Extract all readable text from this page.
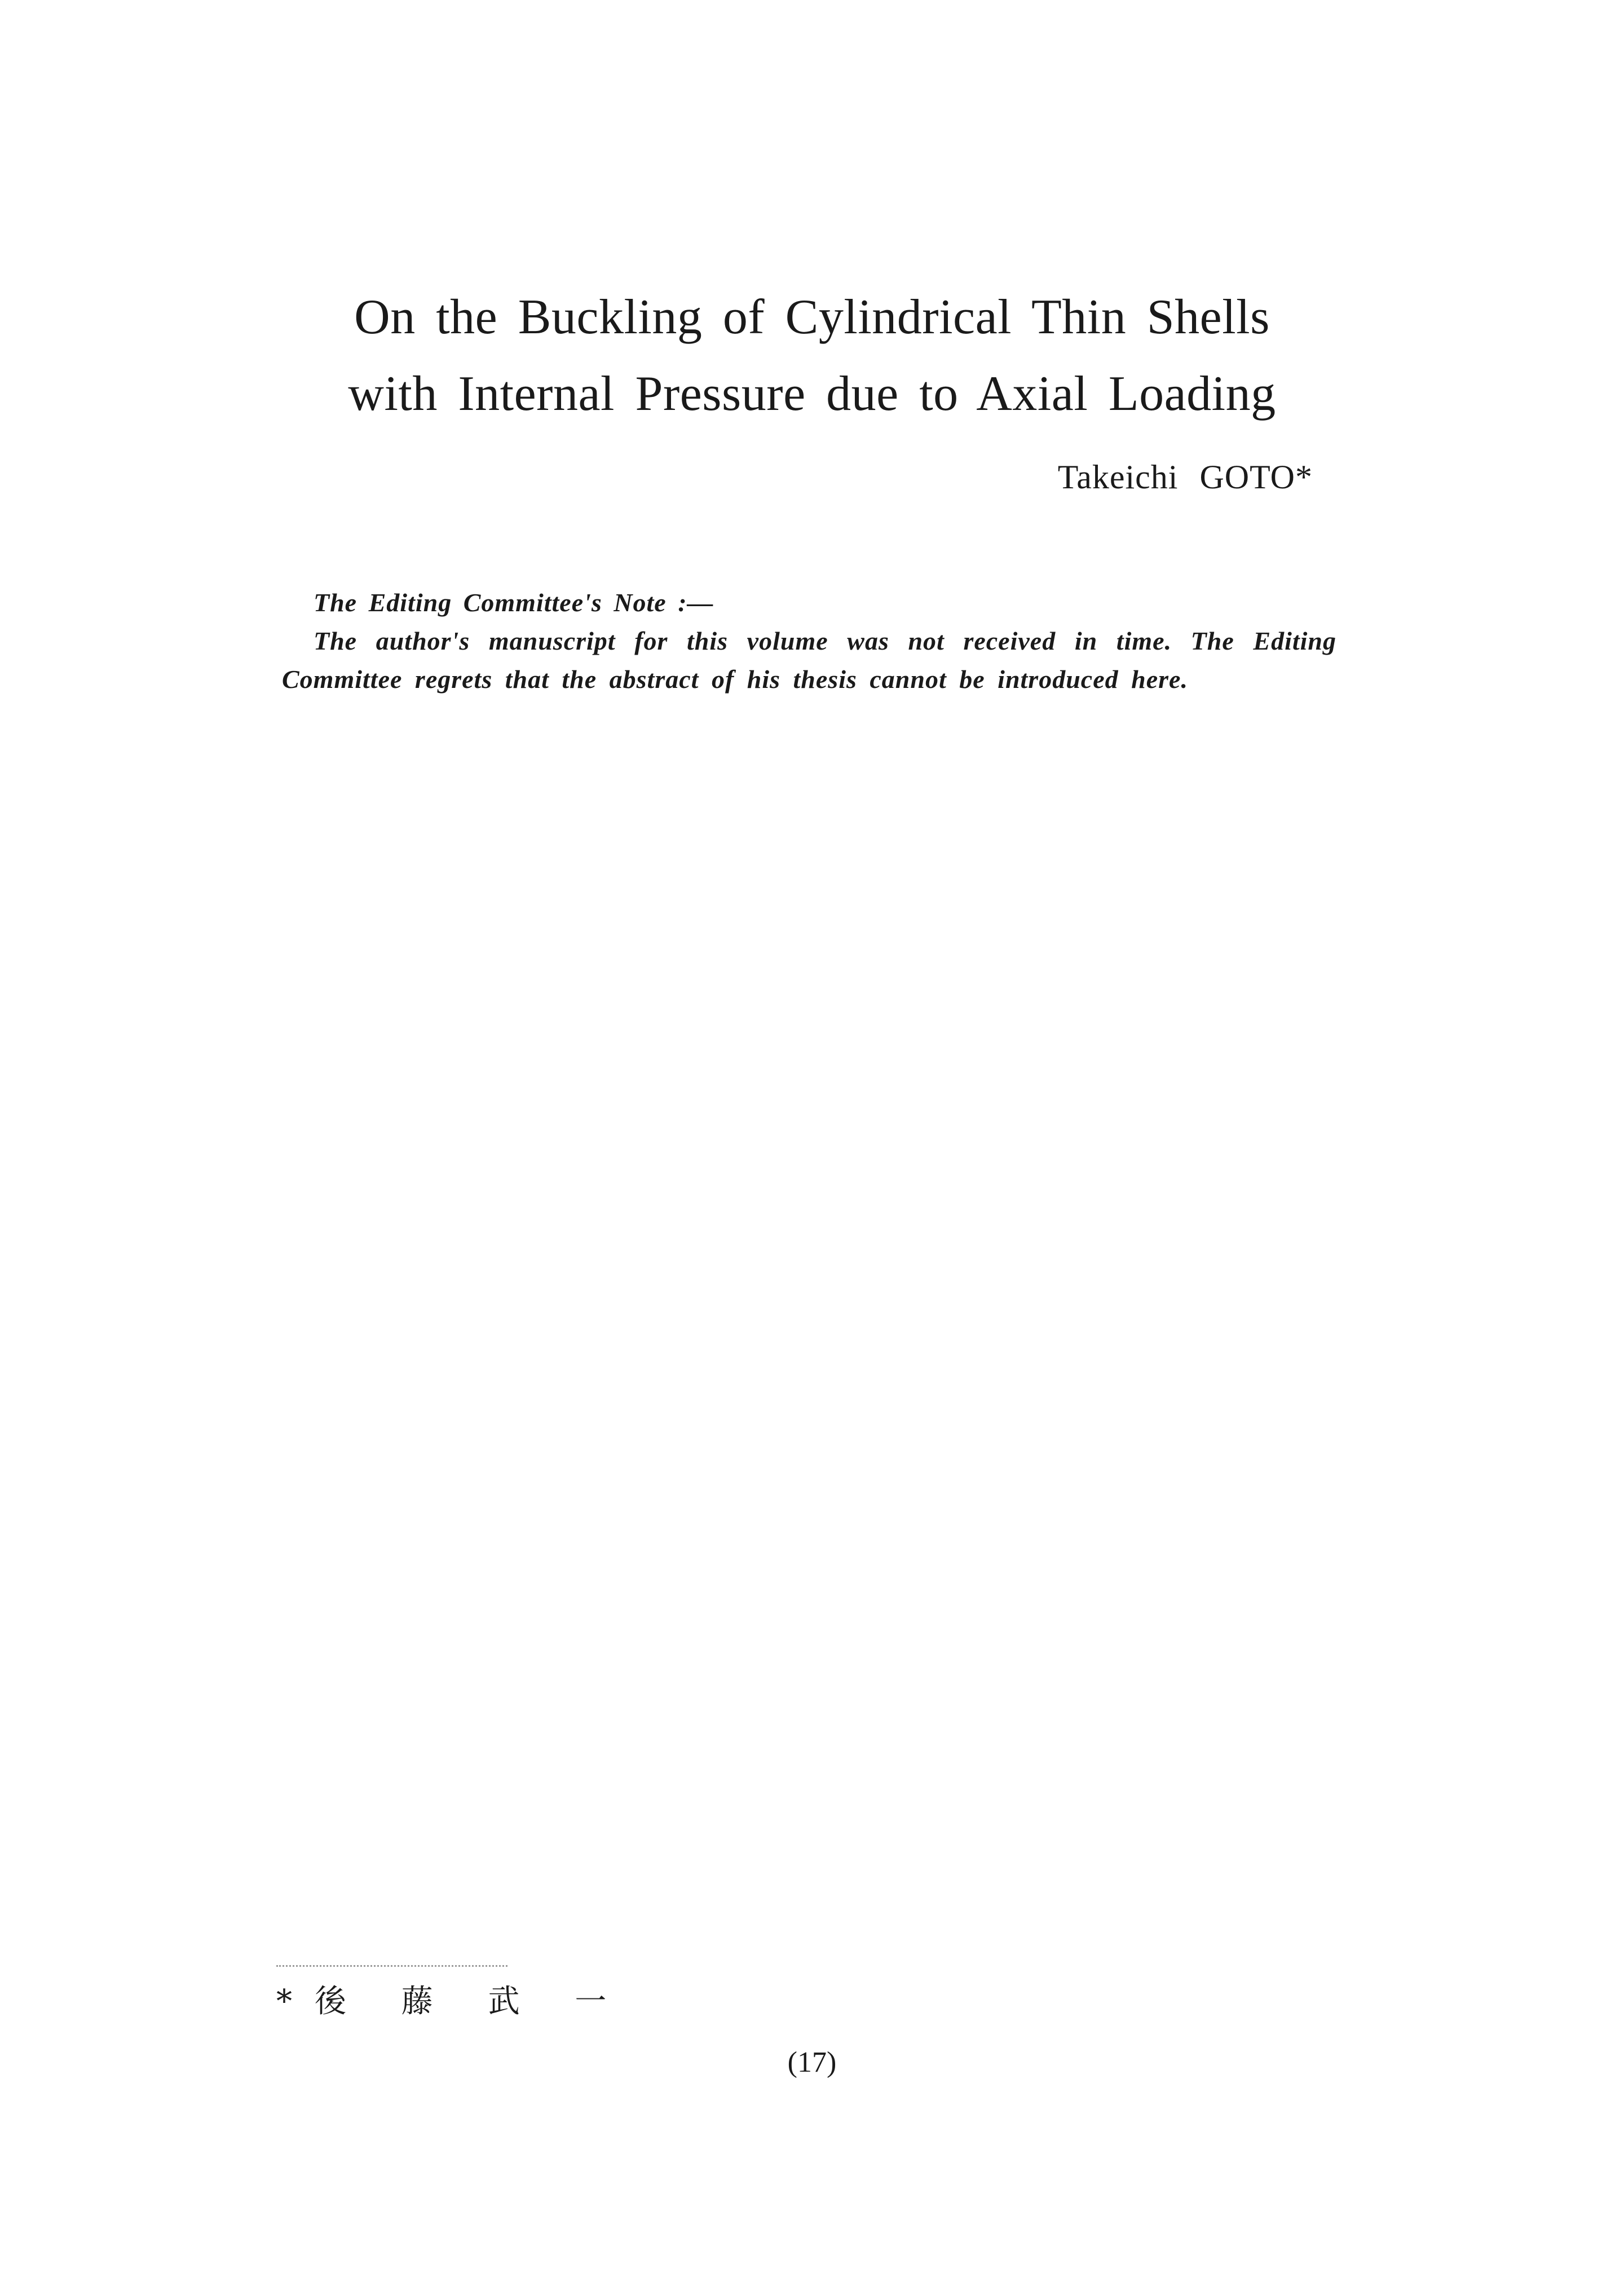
On the Buckling of Cylindrical Thin Shells
with Internal Pressure due to Axial Loading
Takeichi GOTO*
The Editing Committee's Note :—
The author's manuscript for this volume was not received in time. The Editing Committee regrets that the abstract of his thesis cannot be introduced here.
*後 藤 武 一
(17)
